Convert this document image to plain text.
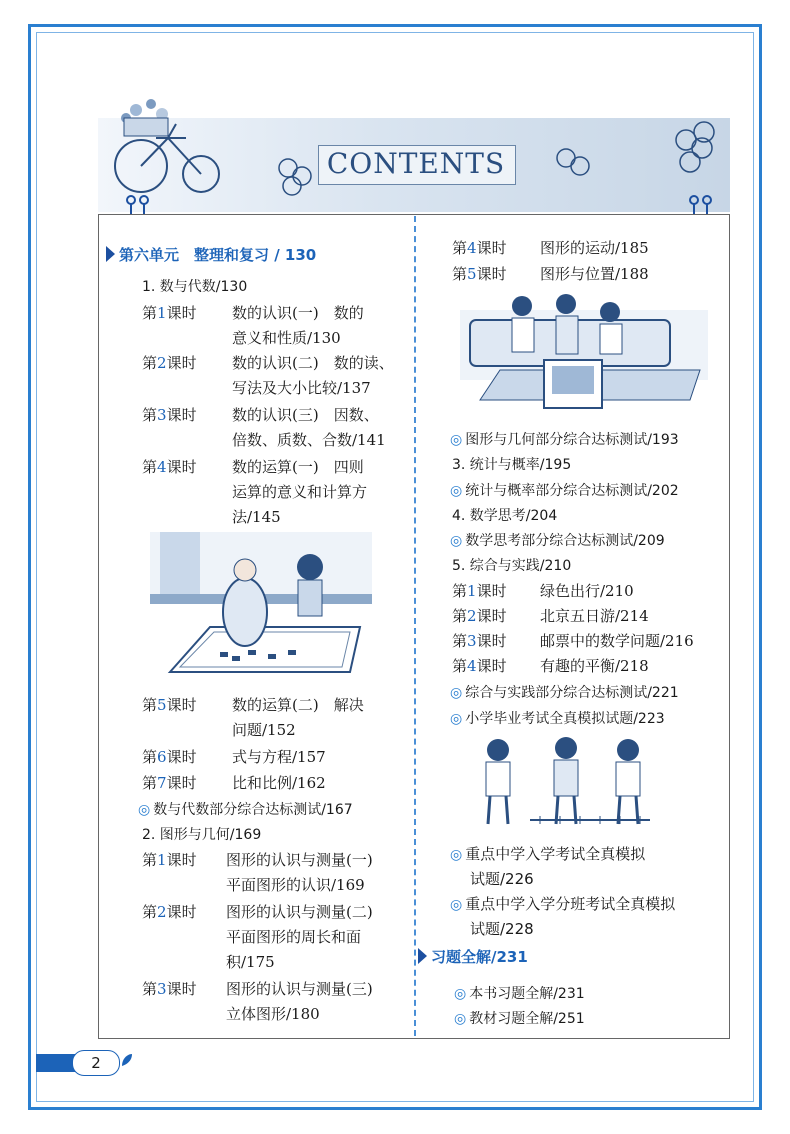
CONTENTS
第六单元　整理和复习 / 130
1. 数与代数/130
第1课时 数的认识(一)　数的
意义和性质/130
第2课时 数的认识(二)　数的读、
写法及大小比较/137
第3课时 数的认识(三)　因数、
倍数、质数、合数/141
第4课时 数的运算(一)　四则
运算的意义和计算方
法/145
第5课时 数的运算(二)　解决
问题/152
第6课时 式与方程/157
第7课时 比和比例/162
◎ 数与代数部分综合达标测试/167
2. 图形与几何/169
第1课时 图形的认识与测量(一)
平面图形的认识/169
第2课时 图形的认识与测量(二)
平面图形的周长和面
积/175
第3课时 图形的认识与测量(三)
立体图形/180
第4课时 图形的运动/185
第5课时 图形与位置/188
◎ 图形与几何部分综合达标测试/193
3. 统计与概率/195
◎ 统计与概率部分综合达标测试/202
4. 数学思考/204
◎ 数学思考部分综合达标测试/209
5. 综合与实践/210
第1课时 绿色出行/210
第2课时 北京五日游/214
第3课时 邮票中的数学问题/216
第4课时 有趣的平衡/218
◎ 综合与实践部分综合达标测试/221
◎ 小学毕业考试全真模拟试题/223
◎ 重点中学入学考试全真模拟
试题/226
◎ 重点中学入学分班考试全真模拟
试题/228
习题全解/231
◎ 本书习题全解/231
◎ 教材习题全解/251
2
